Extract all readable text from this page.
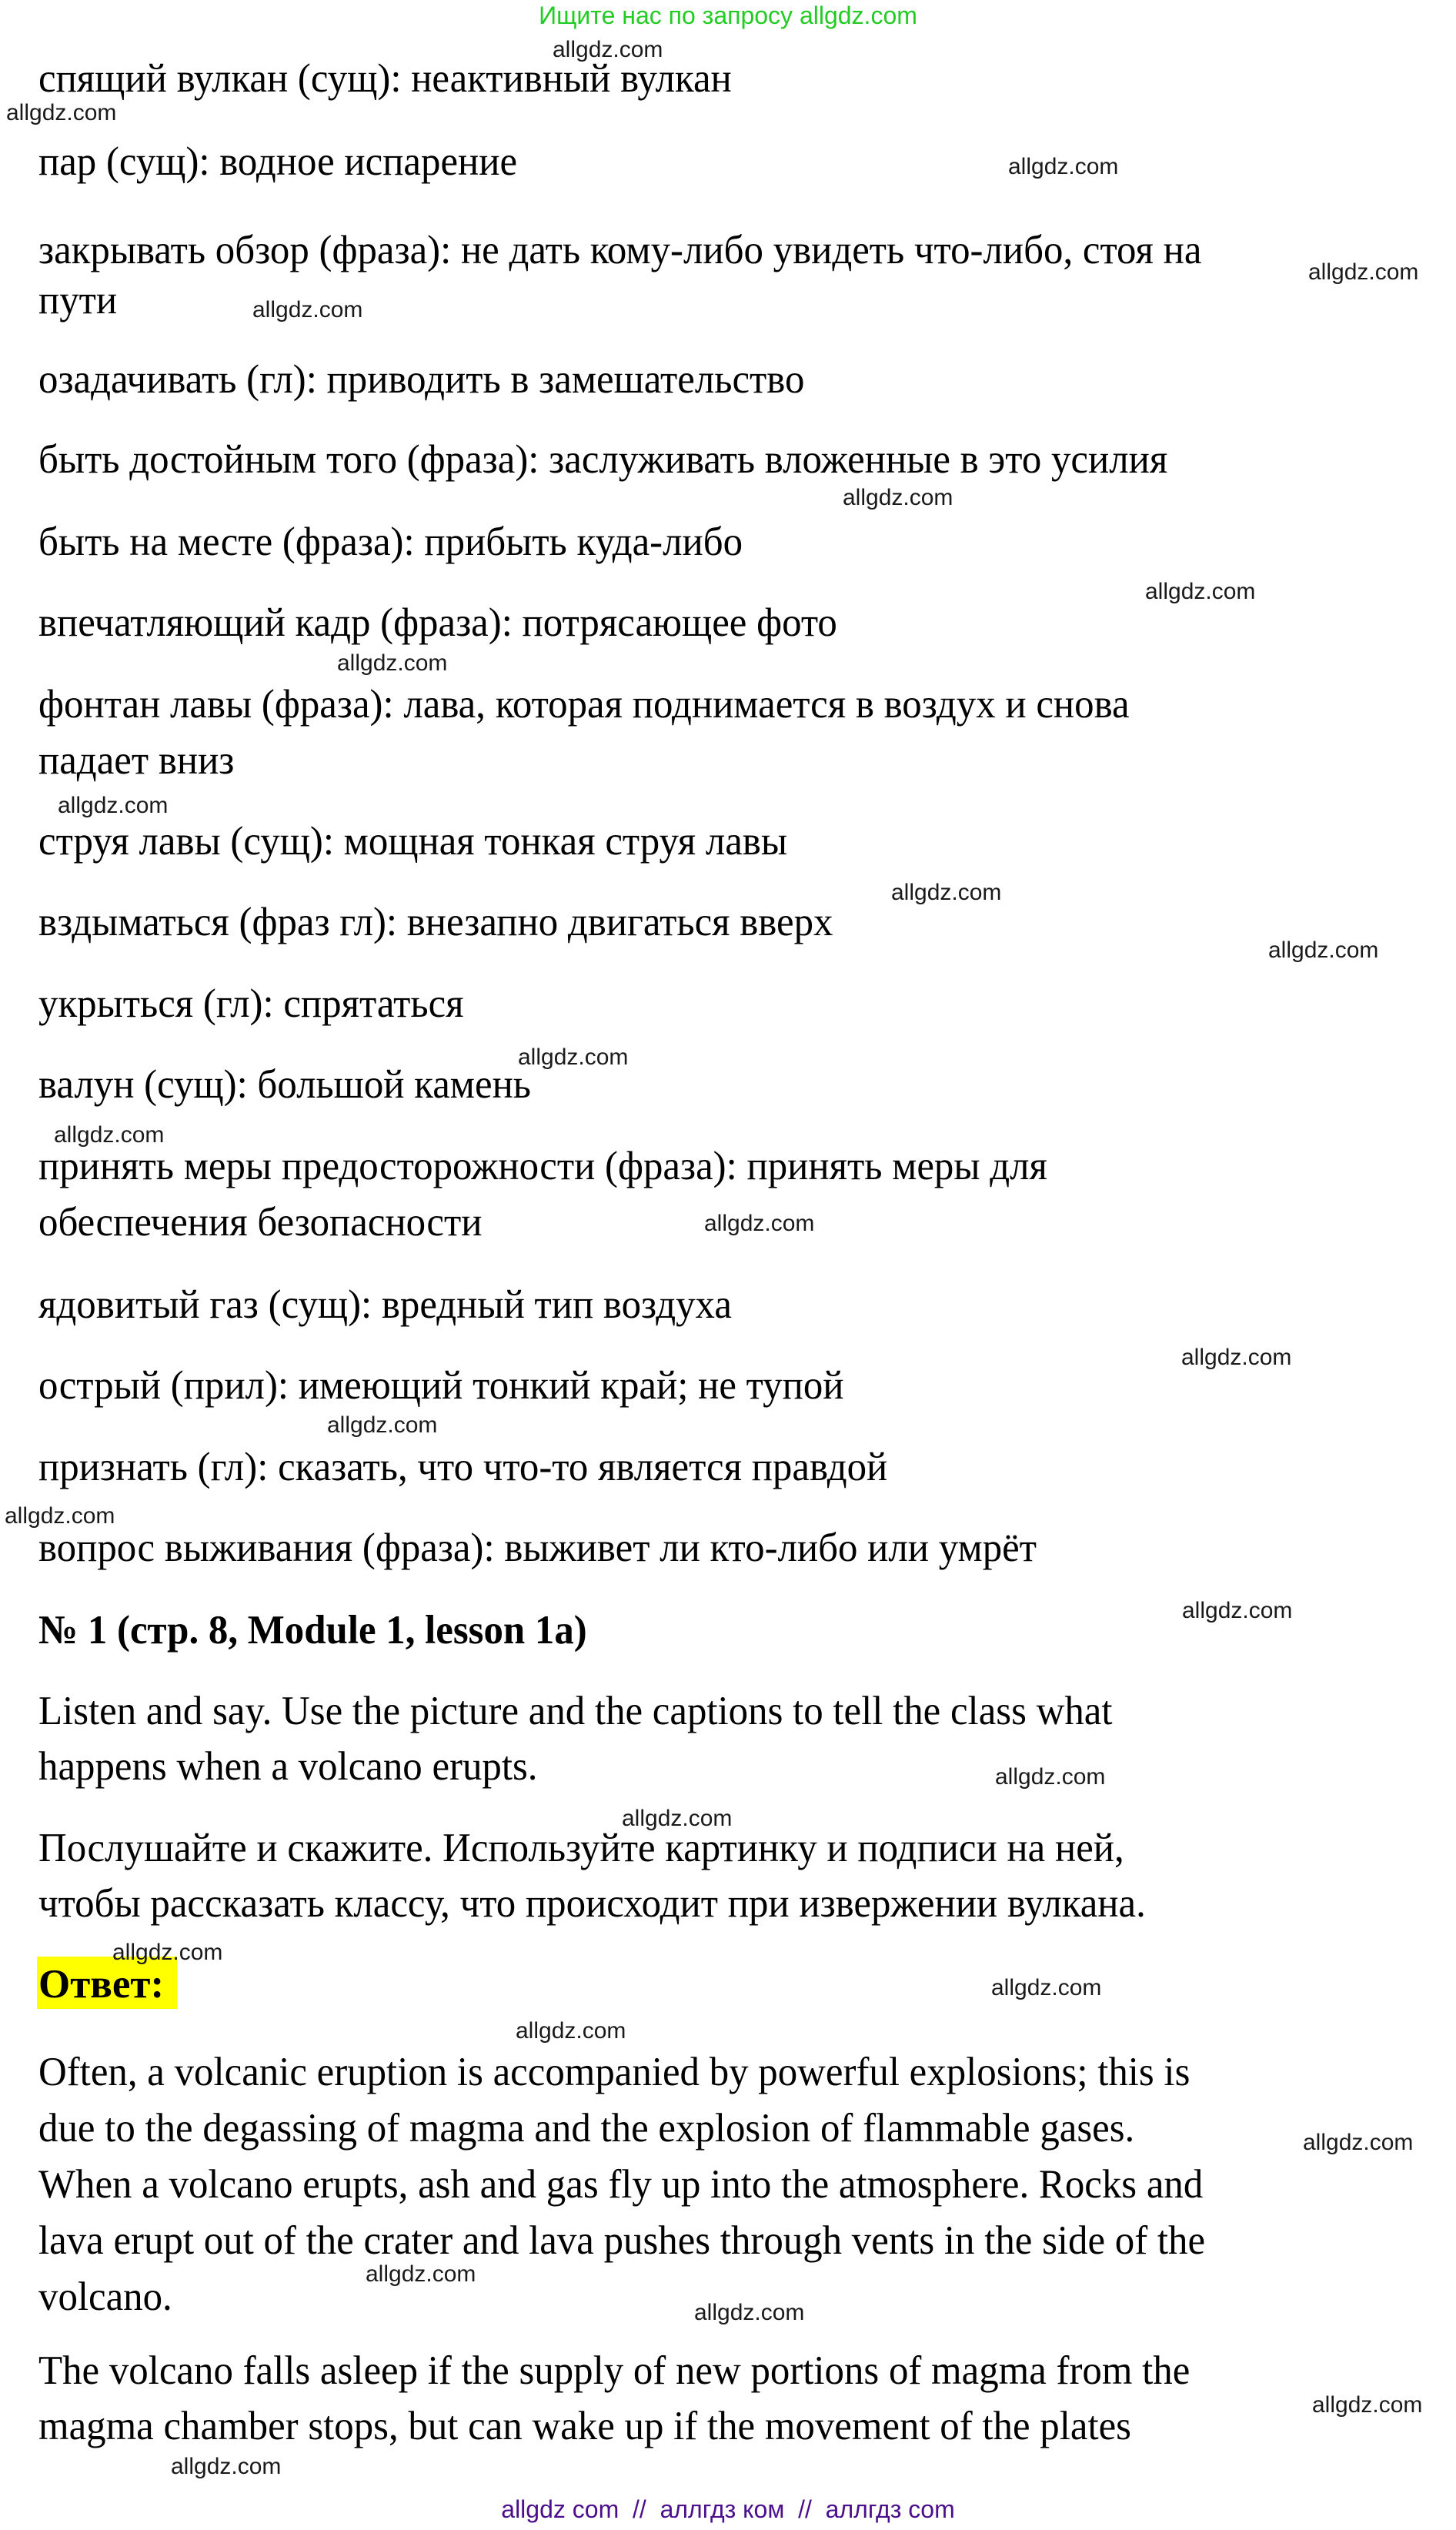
Ищите нас по запросу allgdz.com
№ 1 (стр. 8, Module 1, lesson 1a)
Ответ:
allgdz com  //  аллгдз ком  //  аллгдз com
спящий вулкан (сущ): неактивный вулкан
пар (сущ): водное испарение
закрывать обзор (фраза): не дать кому-либо увидеть что-либо, стоя на
пути
озадачивать (гл): приводить в замешательство
быть достойным того (фраза): заслуживать вложенные в это усилия
быть на месте (фраза): прибыть куда-либо
впечатляющий кадр (фраза): потрясающее фото
фонтан лавы (фраза): лава, которая поднимается в воздух и снова
падает вниз
струя лавы (сущ): мощная тонкая струя лавы
вздыматься (фраз гл): внезапно двигаться вверх
укрыться (гл): спрятаться
валун (сущ): большой камень
принять меры предосторожности (фраза): принять меры для
обеспечения безопасности
ядовитый газ (сущ): вредный тип воздуха
острый (прил): имеющий тонкий край; не тупой
признать (гл): сказать, что что-то является правдой
вопрос выживания (фраза): выживет ли кто-либо или умрёт
Listen and say. Use the picture and the captions to tell the class what
happens when a volcano erupts.
Послушайте и скажите. Используйте картинку и подписи на ней,
чтобы рассказать классу, что происходит при извержении вулкана.
Often, a volcanic eruption is accompanied by powerful explosions; this is
due to the degassing of magma and the explosion of flammable gases.
When a volcano erupts, ash and gas fly up into the atmosphere. Rocks and
lava erupt out of the crater and lava pushes through vents in the side of the
volcano.
The volcano falls asleep if the supply of new portions of magma from the
magma chamber stops, but can wake up if the movement of the plates
allgdz.com
allgdz.com
allgdz.com
allgdz.com
allgdz.com
allgdz.com
allgdz.com
allgdz.com
allgdz.com
allgdz.com
allgdz.com
allgdz.com
allgdz.com
allgdz.com
allgdz.com
allgdz.com
allgdz.com
allgdz.com
allgdz.com
allgdz.com
allgdz.com
allgdz.com
allgdz.com
allgdz.com
allgdz.com
allgdz.com
allgdz.com
allgdz.com
